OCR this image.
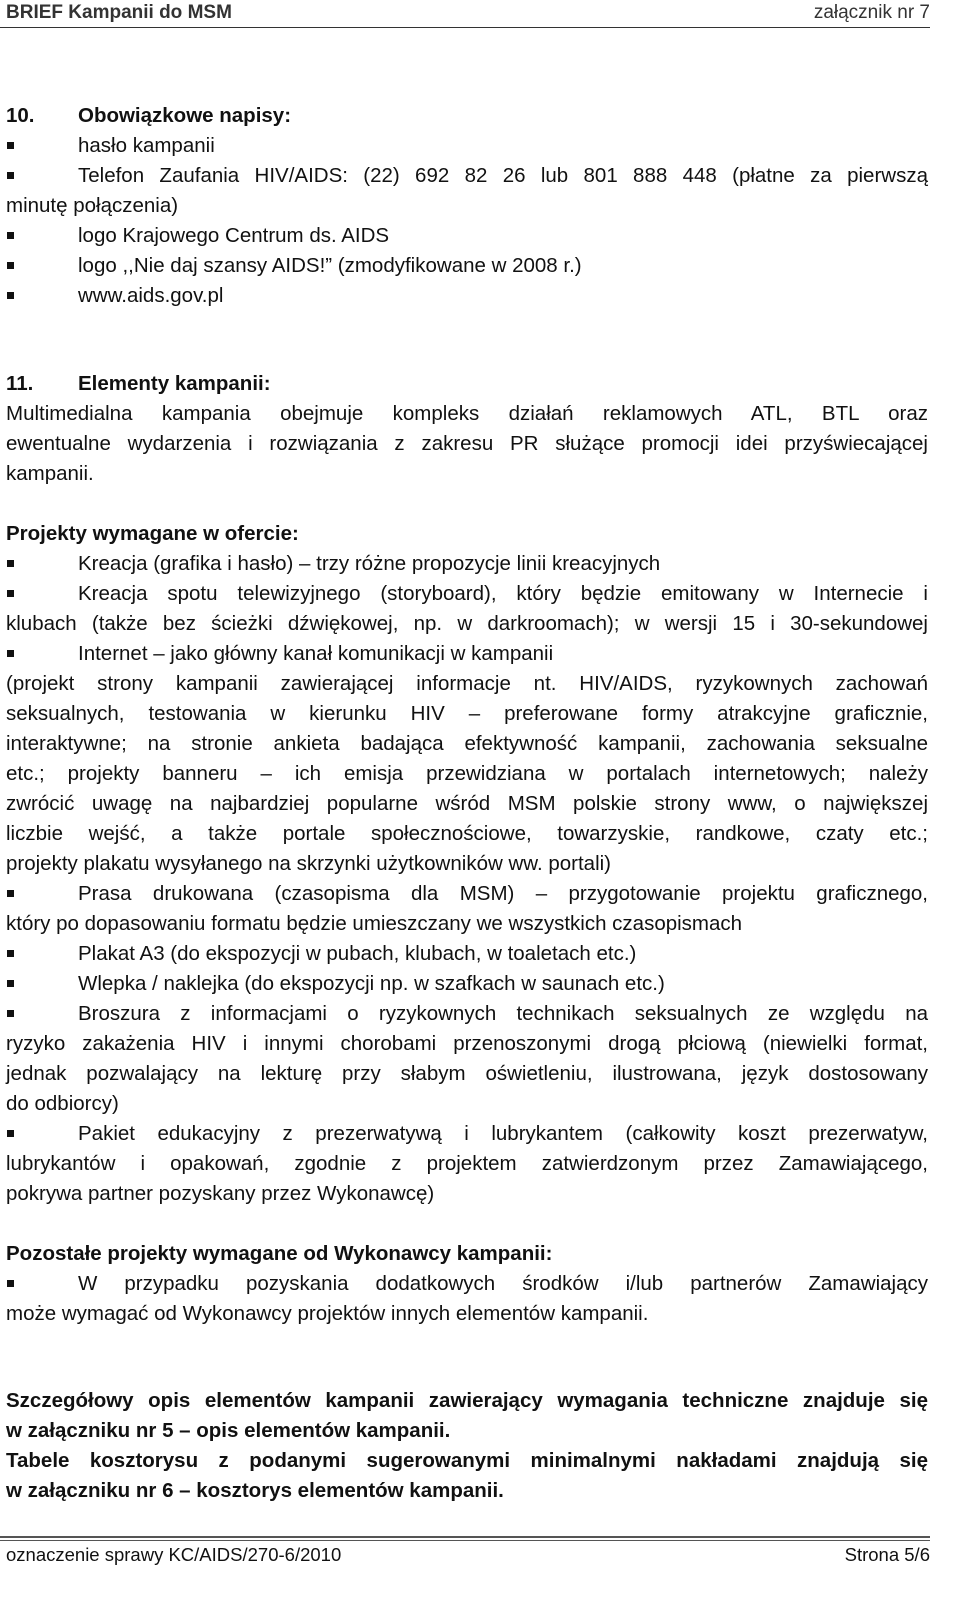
BRIEF Kampanii do MSM	załącznik nr 7
10. Obowiązkowe napisy:
hasło kampanii
Telefon Zaufania HIV/AIDS: (22) 692 82 26 lub 801 888 448 (płatne za pierwszą
minutę połączenia)
logo Krajowego Centrum ds. AIDS
logo ,,Nie daj szansy AIDS!” (zmodyfikowane w 2008 r.)
www.aids.gov.pl
11. Elementy kampanii:
Multimedialna kampania obejmuje kompleks działań reklamowych ATL, BTL oraz
ewentualne wydarzenia i rozwiązania z zakresu PR służące promocji idei przyświecającej
kampanii.
Projekty wymagane w ofercie:
Kreacja (grafika i hasło) – trzy różne propozycje linii kreacyjnych
Kreacja spotu telewizyjnego (storyboard), który będzie emitowany w Internecie i
klubach (także bez ścieżki dźwiękowej, np. w darkroomach); w wersji 15 i 30-sekundowej
Internet – jako główny kanał komunikacji w kampanii
(projekt strony kampanii zawierającej informacje nt. HIV/AIDS, ryzykownych zachowań
seksualnych, testowania w kierunku HIV – preferowane formy atrakcyjne graficznie,
interaktywne; na stronie ankieta badająca efektywność kampanii, zachowania seksualne
etc.; projekty banneru – ich emisja przewidziana w portalach internetowych; należy
zwrócić uwagę na najbardziej popularne wśród MSM polskie strony www, o największej
liczbie wejść, a także portale społecznościowe, towarzyskie, randkowe, czaty etc.;
projekty plakatu wysyłanego na skrzynki użytkowników ww. portali)
Prasa drukowana (czasopisma dla MSM) – przygotowanie projektu graficznego,
który po dopasowaniu formatu będzie umieszczany we wszystkich czasopismach
Plakat A3 (do ekspozycji w pubach, klubach, w toaletach etc.)
Wlepka / naklejka (do ekspozycji np. w szafkach w saunach etc.)
Broszura z informacjami o ryzykownych technikach seksualnych ze względu na
ryzyko zakażenia HIV i innymi chorobami przenoszonymi drogą płciową (niewielki format,
jednak pozwalający na lekturę przy słabym oświetleniu, ilustrowana, język dostosowany
do odbiorcy)
Pakiet edukacyjny z prezerwatywą i lubrykantem (całkowity koszt prezerwatyw,
lubrykantów i opakowań, zgodnie z projektem zatwierdzonym przez Zamawiającego,
pokrywa partner pozyskany przez Wykonawcę)
Pozostałe projekty wymagane od Wykonawcy kampanii:
W przypadku pozyskania dodatkowych środków i/lub partnerów Zamawiający
może wymagać od Wykonawcy projektów innych elementów kampanii.
Szczegółowy opis elementów kampanii zawierający wymagania techniczne znajduje się
w załączniku nr 5 – opis elementów kampanii.
Tabele kosztorysu z podanymi sugerowanymi minimalnymi nakładami znajdują się
w załączniku nr 6 – kosztorys elementów kampanii.
oznaczenie sprawy KC/AIDS/270-6/2010	Strona 5/6
